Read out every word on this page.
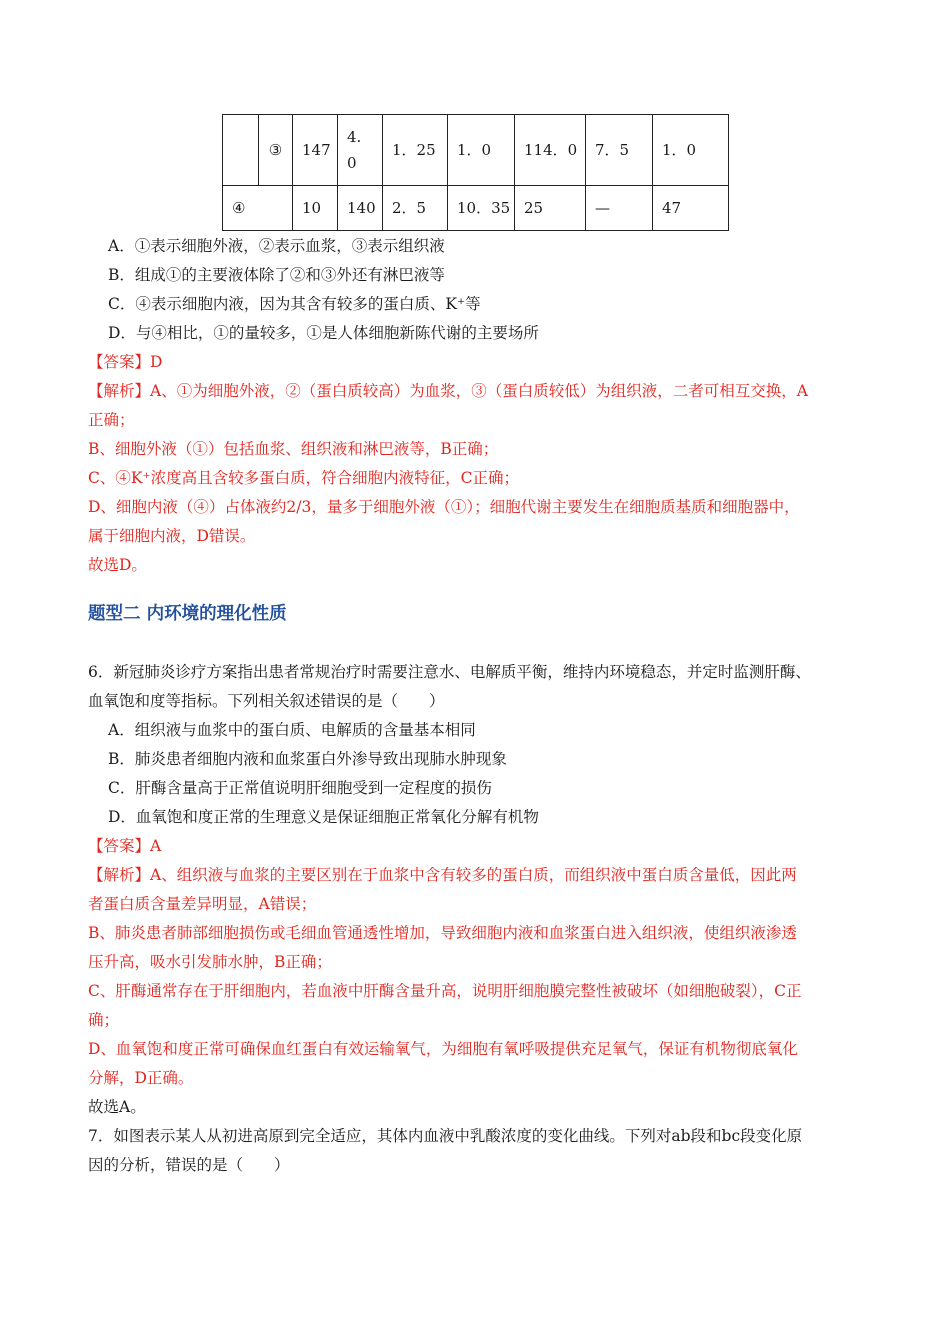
	③	147	4.
0	1．25	1．0	114．0	7．5	1．0
④		10	140	2．5	10．35	25	—	47
A．①表示细胞外液，②表示血浆，③表示组织液
B．组成①的主要液体除了②和③外还有淋巴液等
C．④表示细胞内液，因为其含有较多的蛋白质、K⁺等
D．与④相比，①的量较多，①是人体细胞新陈代谢的主要场所
【答案】D
【解析】A、①为细胞外液，②（蛋白质较高）为血浆，③（蛋白质较低）为组织液，二者可相互交换，A
正确；
B、细胞外液（①）包括血浆、组织液和淋巴液等，B正确；
C、④K⁺浓度高且含较多蛋白质，符合细胞内液特征，C正确；
D、细胞内液（④）占体液约2/3，量多于细胞外液（①）；细胞代谢主要发生在细胞质基质和细胞器中，
属于细胞内液，D错误。
故选D。
题型二 内环境的理化性质
6．新冠肺炎诊疗方案指出患者常规治疗时需要注意水、电解质平衡，维持内环境稳态，并定时监测肝酶、
血氧饱和度等指标。下列相关叙述错误的是（　　）
A．组织液与血浆中的蛋白质、电解质的含量基本相同
B．肺炎患者细胞内液和血浆蛋白外渗导致出现肺水肿现象
C．肝酶含量高于正常值说明肝细胞受到一定程度的损伤
D．血氧饱和度正常的生理意义是保证细胞正常氧化分解有机物
【答案】A
【解析】A、组织液与血浆的主要区别在于血浆中含有较多的蛋白质，而组织液中蛋白质含量低，因此两
者蛋白质含量差异明显，A错误；
B、肺炎患者肺部细胞损伤或毛细血管通透性增加，导致细胞内液和血浆蛋白进入组织液，使组织液渗透
压升高，吸水引发肺水肿，B正确；
C、肝酶通常存在于肝细胞内，若血液中肝酶含量升高，说明肝细胞膜完整性被破坏（如细胞破裂），C正
确；
D、血氧饱和度正常可确保血红蛋白有效运输氧气，为细胞有氧呼吸提供充足氧气，保证有机物彻底氧化
分解，D正确。
故选A。
7．如图表示某人从初进高原到完全适应，其体内血液中乳酸浓度的变化曲线。下列对ab段和bc段变化原
因的分析，错误的是（　　）
